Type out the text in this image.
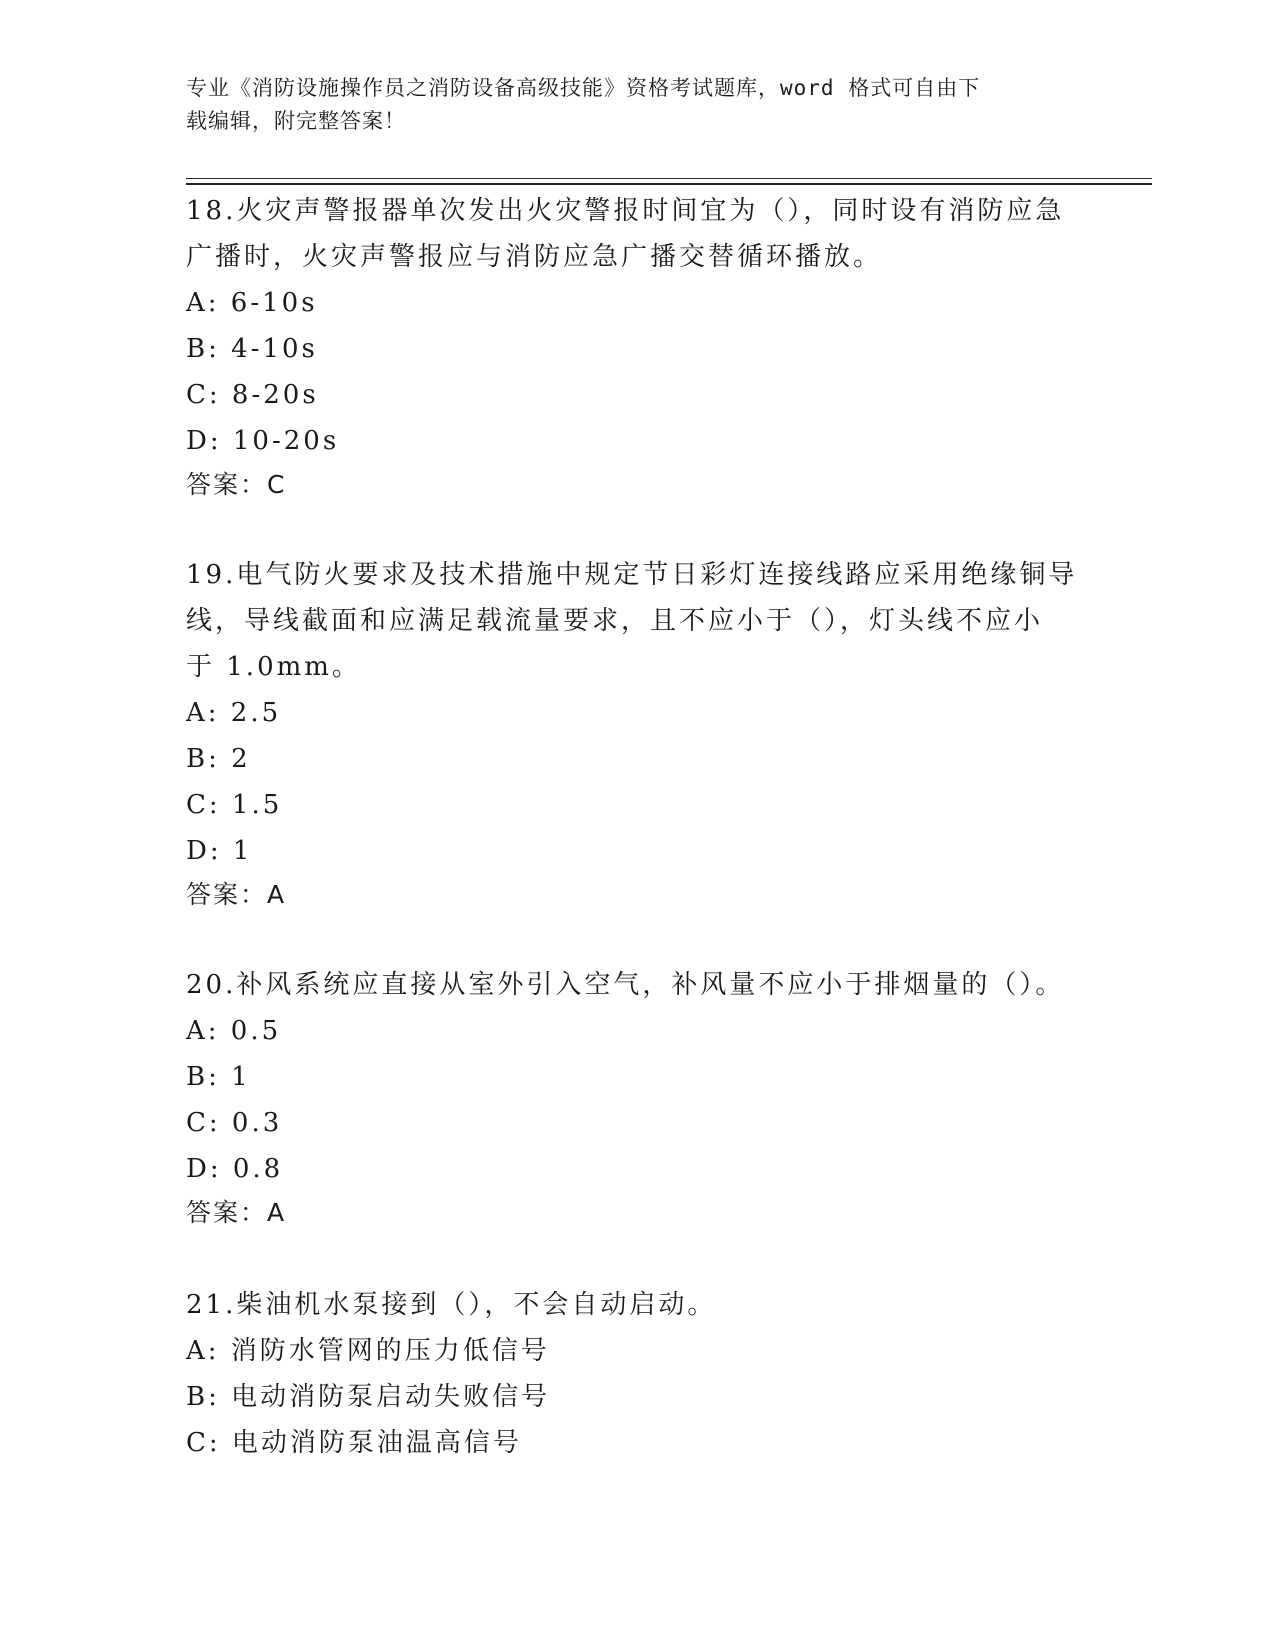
专业《消防设施操作员之消防设备高级技能》资格考试题库，word 格式可自由下
载编辑，附完整答案！

18.火灾声警报器单次发出火灾警报时间宜为（），同时设有消防应急

广播时，火灾声警报应与消防应急广播交替循环播放。

A: 6-10s

B: 4-10s

C: 8-20s

D: 10-20s

答案：C

19.电气防火要求及技术措施中规定节日彩灯连接线路应采用绝缘铜导

线，导线截面和应满足载流量要求，且不应小于（），灯头线不应小

于 1.0mm。

A: 2.5

B: 2

C: 1.5

D: 1

答案：A

20.补风系统应直接从室外引入空气，补风量不应小于排烟量的（）。

A: 0.5

B: 1

C: 0.3

D: 0.8

答案：A

21.柴油机水泵接到（），不会自动启动。

A: 消防水管网的压力低信号

B: 电动消防泵启动失败信号

C: 电动消防泵油温高信号
